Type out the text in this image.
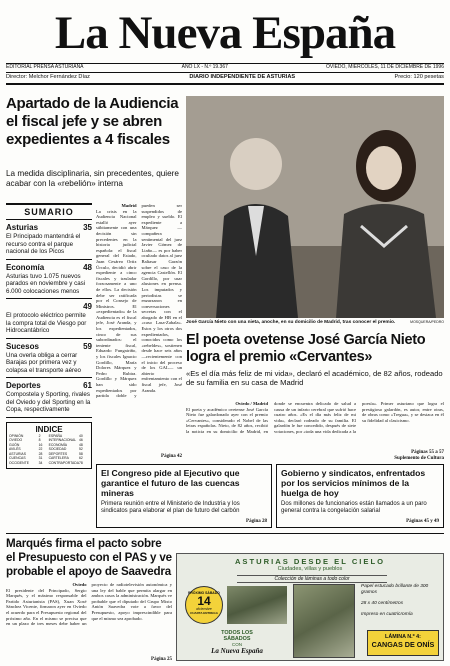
La Nueva España
EDITORIAL PRENSA ASTURIANA	AÑO LX - N.º 19.367	OVIEDO, MIÉRCOLES, 11 DE DICIEMBRE DE 1996
Director: Melchor Fernández Díaz	DIARIO INDEPENDIENTE DE ASTURIAS	Precio: 120 pesetas
Apartado de la Audiencia el fiscal jefe y se abren expedientes a 4 fiscales
La medida disciplinaria, sin precedentes, quiere acabar con la «rebelión» interna
SUMARIO
Asturias	35
El Principado mantendrá el recurso contra el parque nacional de los Picos
Economía	48
Asturias tuvo 1.075 nuevos parados en noviembre y casi 6.000 colocaciones menos
49
El protocolo eléctrico permite la compra total de Viesgo por Hidrocantábrico
Sucesos	59
Una overla obliga a cerrar Barajas por primera vez y colapsa el transporte aéreo
Deportes	61
Compostela y Sporting, rivales del Oviedo y del Sporting en la Copa, respectivamente
INDICE
OPINIÓN	2	ESPAÑA	40
OVIEDO	8	INTERNACIONAL 46
GIJÓN	16	ECONOMÍA	48
AVILÉS	22	SOCIEDAD	52
ASTURIAS	28	DEPORTES	58
CUENCAS	31	CARTELERA	62
OCCIDENTE	34	CONTRAPORTADA 78
Madrid
La crisis en la Audiencia Nacional estalló ayer súbitamente con una decisión sin precedentes en la historia judicial española: el fiscal general del Estado, Juan Cesáreo Ortiz Úrculo, decidió abrir expediente a cinco fiscales y trasladar forzosamente a uno de ellos. La decisión debe ser ratificada por el Consejo de Ministros. El «expedientado» de la Audiencia es el fiscal jefe, José Aranda, y los expedientados, cinco de sus subordinados: el teniente fiscal, Eduardo Fungairiño, y los fiscales Ignacio Gordillo, María Dolores Márquez y Pedro Rubira. Gordillo y Márquez han sido expedientados por partida doble y pueden ser suspendidos de empleo y sueldo. El expediente a Márquez —compañera sentimental del juez Javier Gómez de Liaño— es por haber ocultado datos al juez Baltasar Garzón sobre el caso de la agencia Castellón. El Gordillo, por usar alusiones en prensa. Los imputados y periodistas se enzarzaron en conversaciones secretas con el abogado de HB en el «caso Lasa-Zabala». Estos y los otros dos expedientados, conocidos como los «rebeldes», sostienen desde hace seis años —recientemente con el inicio del proceso de los GAL— un abierto enfrentamiento con el fiscal jefe, José Aranda.
Página 42
José García Nieto con una nieta, anoche, en su domicilio de Madrid, tras conocer el premio.	MOSQUERA/PEDRO
El poeta ovetense José García Nieto logra el premio «Cervantes»
«Es el día más feliz de mi vida», declaró el académico, de 82 años, rodeado de su familia en su casa de Madrid
Oviedo / Madrid
El poeta y académico ovetense José García Nieto fue galardonado ayer con el premio «Cervantes», considerado el Nobel de las letras españolas. Nieto, de 82 años, recibió la noticia en su domicilio de Madrid, en donde se encuentra delicado de salud a causa de un infarto cerebral que sufrió hace cuatro años. «Es el día más feliz de mi vida», declaró rodeado de su familia. El galardón le fue concedido, después de siete votaciones, por «toda una vida dedicada a la poesía». Primer asturiano que logra el prestigioso galardón, es autor, entre otras, de obras como «Tregua», y se destaca en él su fidelidad al clasicismo.
Páginas 55 a 57
Suplemento de Cultura
El Congreso pide al Ejecutivo que garantice el futuro de las cuencas mineras
Primera reunión entre el Ministerio de Industria y los sindicatos para elaborar el plan de futuro del carbón
Página 28
Gobierno y sindicatos, enfrentados por los servicios mínimos de la huelga de hoy
Dos millones de funcionarios están llamados a un paro general contra la congelación salarial
Páginas 45 y 49
Marqués firma el pacto sobre el Presupuesto con el PAS y ve probable el apoyo de Saavedra
Oviedo
El presidente del Principado, Sergio Marqués, y el máximo responsable del Partido Asturianista (PAS), Xuan Xosé Sánchez Vicente, firmaron ayer en Oviedo el acuerdo para el Presupuesto regional del próximo año. En el mismo se precisa que en un plazo de tres meses debe haber un proyecto de radiotelevisión autonómica y una ley del bable que permita alargar en ambos casos la administración. Marqués ve probable que el diputado del Grupo Mixto Antón Saavedra vote a favor del Presupuesto, apoyo imprescindible para que el mismo sea aprobado.
Página 25
ASTURIAS DESDE EL CIELO
Ciudades, villas y pueblos
Colección de láminas a todo color
PRÓXIMO SÁBADO
14
diciembre
CUARTA ENTREGA
TODOS LOS
SÁBADOS
CON
La Nueva España
Papel estucado brillante de 300 gramos
28 x 40 centímetros
Impreso en cuatricromía
LÁMINA N.º 4:
CANGAS DE ONÍS
